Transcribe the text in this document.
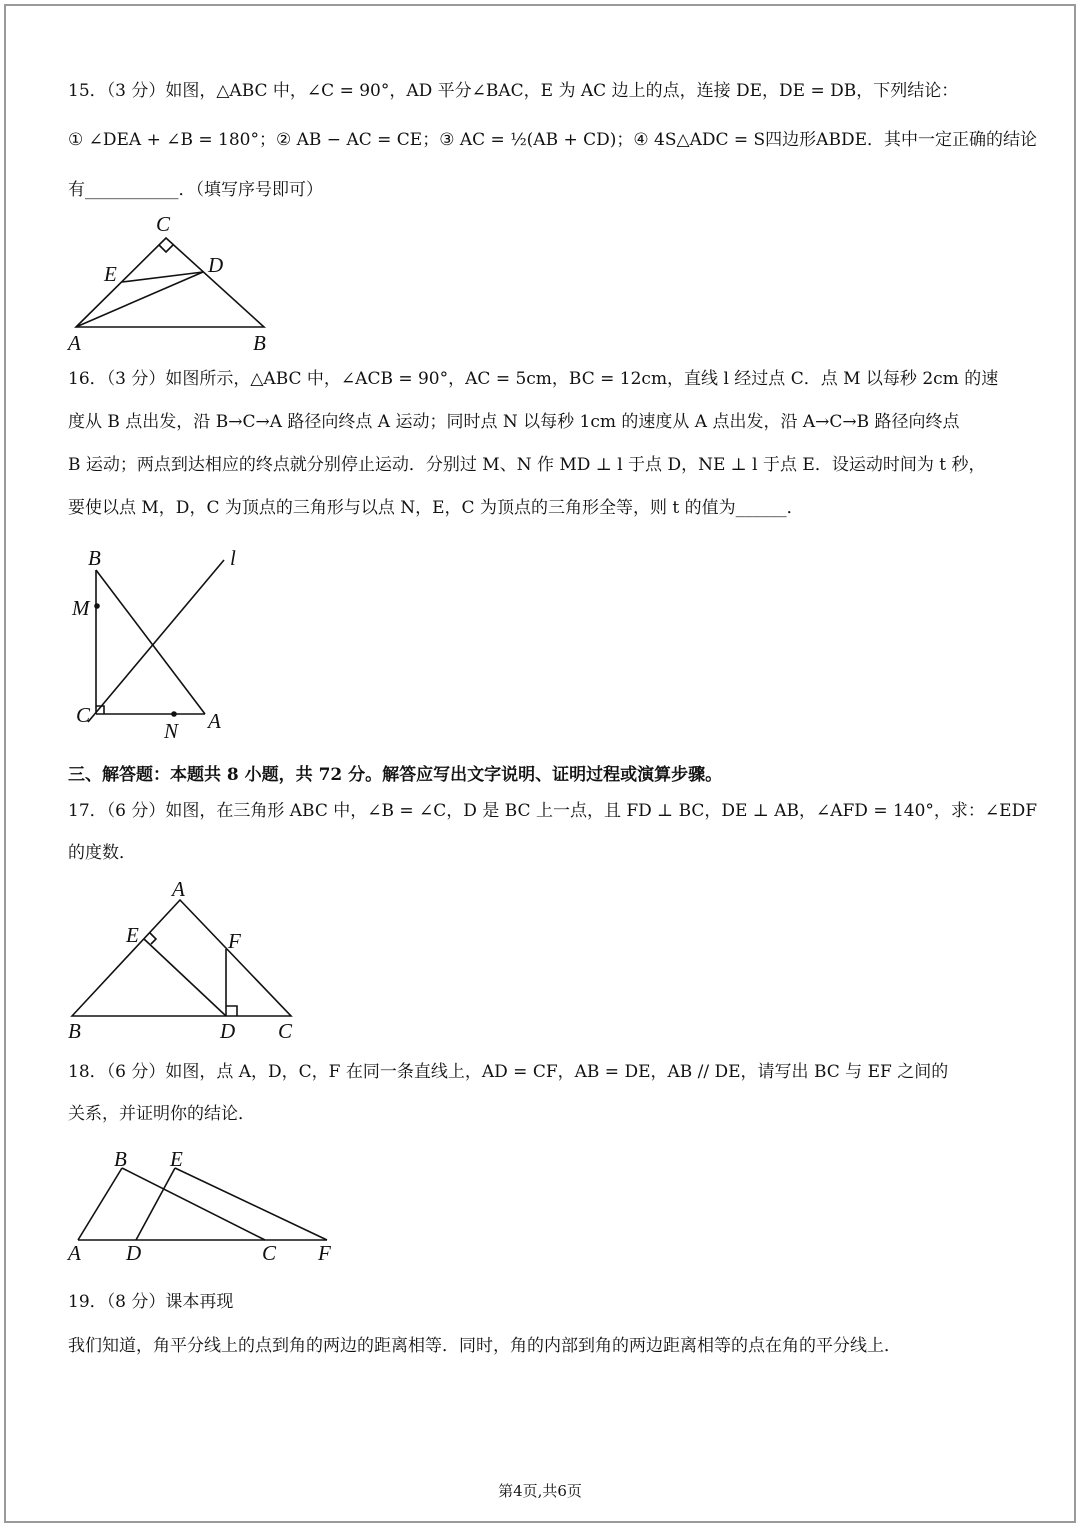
15．（3 分）如图，△ABC 中，∠C = 90°，AD 平分∠BAC，E 为 AC 边上的点，连接 DE，DE = DB，下列结论：
① ∠DEA + ∠B = 180°；② AB − AC = CE；③ AC = ½(AB + CD)；④ 4S△ADC = S四边形ABDE．其中一定正确的结论
有___________．（填写序号即可）
C
E	D
A	B
16．（3 分）如图所示，△ABC 中，∠ACB = 90°，AC = 5cm，BC = 12cm，直线 l 经过点 C．点 M 以每秒 2cm 的速
度从 B 点出发，沿 B→C→A 路径向终点 A 运动；同时点 N 以每秒 1cm 的速度从 A 点出发，沿 A→C→B 路径向终点
B 运动；两点到达相应的终点就分别停止运动．分别过 M、N 作 MD ⊥ l 于点 D，NE ⊥ l 于点 E．设运动时间为 t 秒，
要使以点 M，D，C 为顶点的三角形与以点 N，E，C 为顶点的三角形全等，则 t 的值为______．
B	l
M
C
N A
三、解答题：本题共 8 小题，共 72 分。解答应写出文字说明、证明过程或演算步骤。
17．（6 分）如图，在三角形 ABC 中，∠B = ∠C，D 是 BC 上一点，且 FD ⊥ BC，DE ⊥ AB，∠AFD = 140°，求：∠EDF
的度数．
A
E	F
B	D C
18．（6 分）如图，点 A，D，C，F 在同一条直线上，AD = CF，AB = DE，AB // DE，请写出 BC 与 EF 之间的
关系，并证明你的结论．
B E
A D	C F
19．（8 分）课本再现
我们知道，角平分线上的点到角的两边的距离相等．同时，角的内部到角的两边距离相等的点在角的平分线上．
第4页,共6页
